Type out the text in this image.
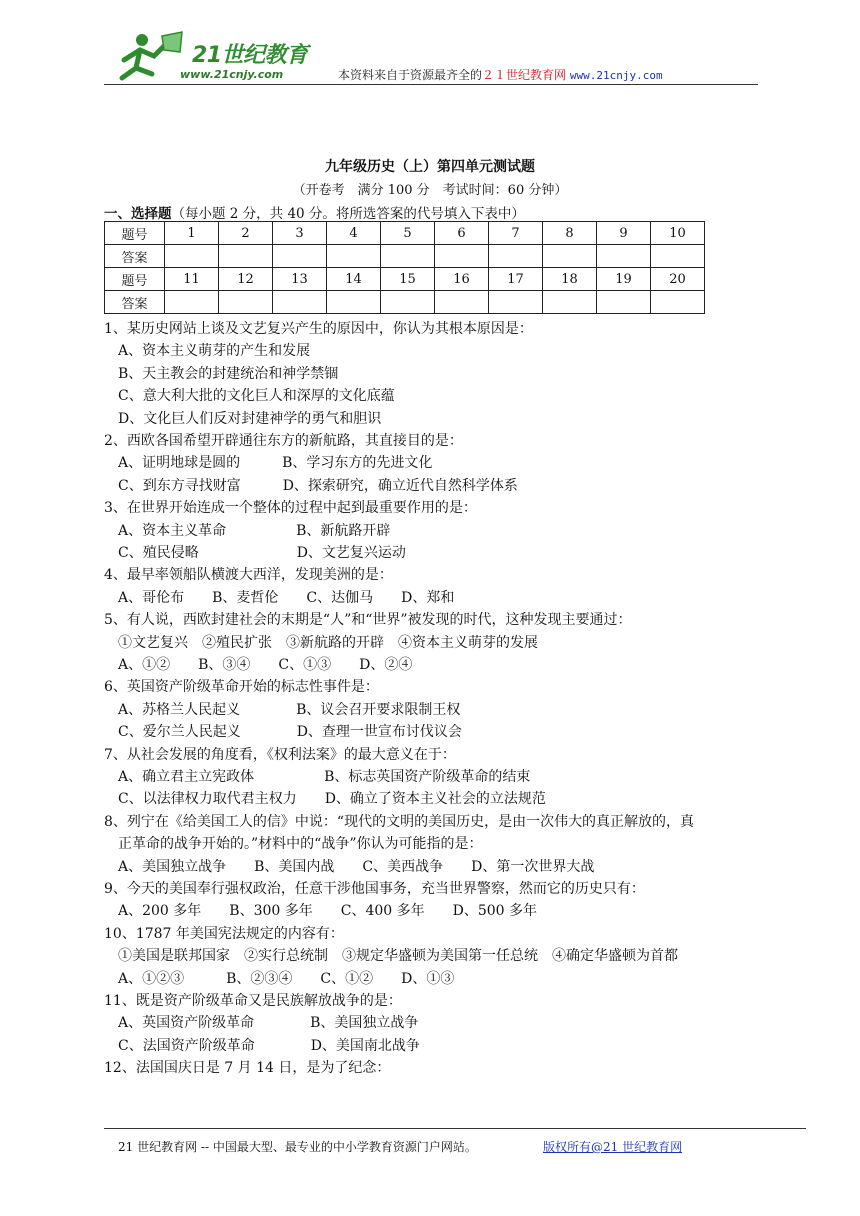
21世纪教育
www.21cnjy.com	本资料来自于资源最齐全的２１世纪教育网 www.21cnjy.com
九年级历史（上）第四单元测试题
（开卷考　满分 100 分　考试时间：60 分钟）
一、选择题（每小题 2 分，共 40 分。将所选答案的代号填入下表中）
题号	1	2	3	4	5	6	7	8	9	10
答案										
题号	11	12	13	14	15	16	17	18	19	20
答案										
1、某历史网站上谈及文艺复兴产生的原因中，你认为其根本原因是：
A、资本主义萌芽的产生和发展
B、天主教会的封建统治和神学禁锢
C、意大利大批的文化巨人和深厚的文化底蕴
D、文化巨人们反对封建神学的勇气和胆识
2、西欧各国希望开辟通往东方的新航路，其直接目的是：
A、证明地球是圆的　　　B、学习东方的先进文化
C、到东方寻找财富　　　D、探索研究，确立近代自然科学体系
3、在世界开始连成一个整体的过程中起到最重要作用的是：
A、资本主义革命　　　　　B、新航路开辟
C、殖民侵略　　　　　　　D、文艺复兴运动
4、最早率领船队横渡大西洋，发现美洲的是：
A、哥伦布　　B、麦哲伦　　C、达伽马　　D、郑和
5、有人说，西欧封建社会的末期是“人”和“世界”被发现的时代，这种发现主要通过：
①文艺复兴　②殖民扩张　③新航路的开辟　④资本主义萌芽的发展
A、①②　　B、③④　　C、①③　　D、②④
6、英国资产阶级革命开始的标志性事件是：
A、苏格兰人民起义　　　　B、议会召开要求限制王权
C、爱尔兰人民起义　　　　D、查理一世宣布讨伐议会
7、从社会发展的角度看，《权利法案》的最大意义在于：
A、确立君主立宪政体　　　　　B、标志英国资产阶级革命的结束
C、以法律权力取代君主权力　　D、确立了资本主义社会的立法规范
8、列宁在《给美国工人的信》中说：“现代的文明的美国历史，是由一次伟大的真正解放的，真
正革命的战争开始的。”材料中的“战争”你认为可能指的是：
A、美国独立战争　　B、美国内战　　C、美西战争　　D、第一次世界大战
9、今天的美国奉行强权政治，任意干涉他国事务，充当世界警察，然而它的历史只有：
A、200 多年　　B、300 多年　　C、400 多年　　D、500 多年
10、1787 年美国宪法规定的内容有：
①美国是联邦国家　②实行总统制　③规定华盛顿为美国第一任总统　④确定华盛顿为首都
A、①②③　　　B、②③④　　C、①②　　D、①③
11、既是资产阶级革命又是民族解放战争的是：
A、英国资产阶级革命　　　　B、美国独立战争
C、法国资产阶级革命　　　　D、美国南北战争
12、法国国庆日是 7 月 14 日，是为了纪念：
21 世纪教育网 -- 中国最大型、最专业的中小学教育资源门户网站。	版权所有@21 世纪教育网
